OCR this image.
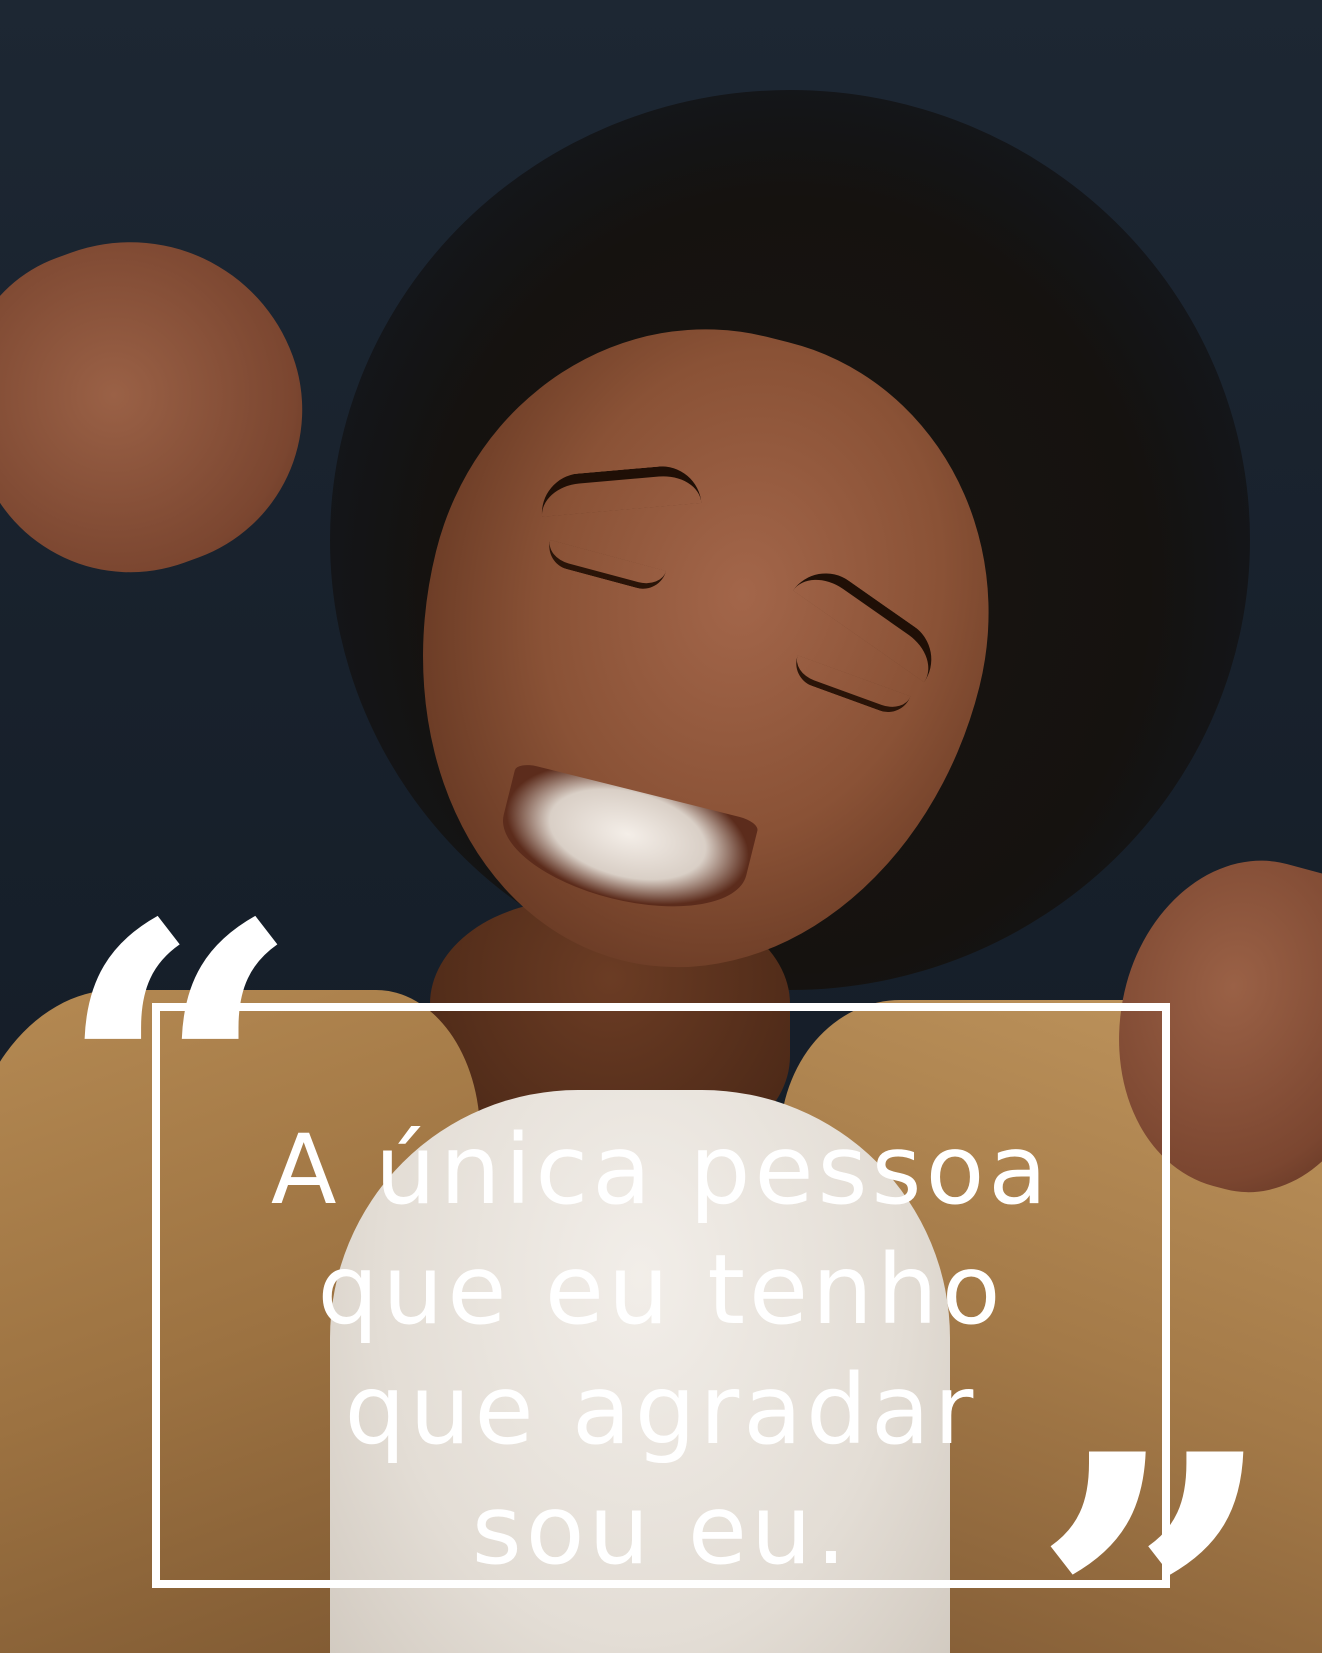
“
”
A única pessoa
que eu tenho
que agradar
sou eu.
